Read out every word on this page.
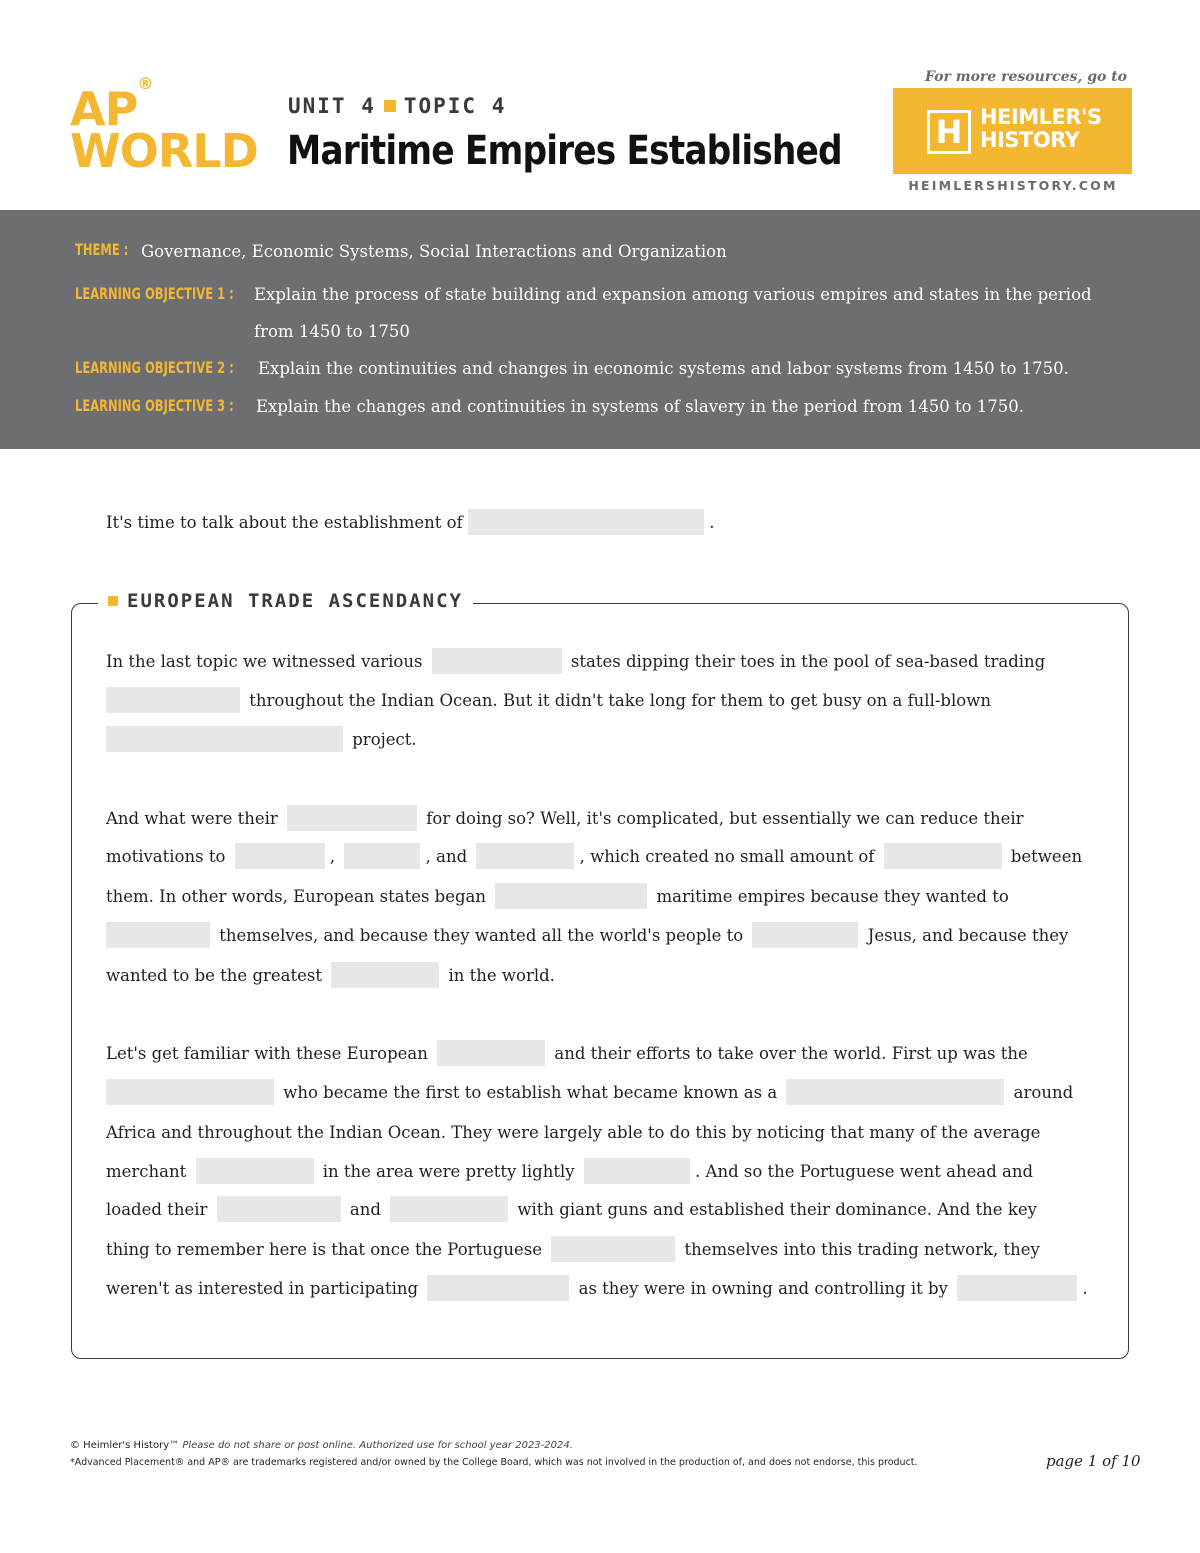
AP®
WORLD
UNIT 4 TOPIC 4
Maritime Empires Established
For more resources, go to
H HEIMLER'S
HISTORY
HEIMLERSHISTORY.COM
THEME : Governance, Economic Systems, Social Interactions and Organization
LEARNING OBJECTIVE 1 :	Explain the process of state building and expansion among various empires and states in the period
from 1450 to 1750
LEARNING OBJECTIVE 2 :	Explain the continuities and changes in economic systems and labor systems from 1450 to 1750.
LEARNING OBJECTIVE 3 :	Explain the changes and continuities in systems of slavery in the period from 1450 to 1750.
It's time to talk about the establishment of	.
EUROPEAN TRADE ASCENDANCY
In the last topic we witnessed various	states dipping their toes in the pool of sea-based trading
throughout the Indian Ocean. But it didn't take long for them to get busy on a full-blown
project.
And what were their	for doing so? Well, it's complicated, but essentially we can reduce their
motivations to	,	, and	, which created no small amount of	between
them. In other words, European states began	maritime empires because they wanted to
themselves, and because they wanted all the world's people to	Jesus, and because they
wanted to be the greatest	in the world.
Let's get familiar with these European	and their efforts to take over the world. First up was the
who became the first to establish what became known as a	around
Africa and throughout the Indian Ocean. They were largely able to do this by noticing that many of the average
merchant	in the area were pretty lightly	. And so the Portuguese went ahead and
loaded their	and	with giant guns and established their dominance. And the key
thing to remember here is that once the Portuguese	themselves into this trading network, they
weren't as interested in participating	as they were in owning and controlling it by	.
© Heimler's History™ Please do not share or post online. Authorized use for school year 2023-2024.
*Advanced Placement® and AP® are trademarks registered and/or owned by the College Board, which was not involved in the production of, and does not endorse, this product.	page 1 of 10
